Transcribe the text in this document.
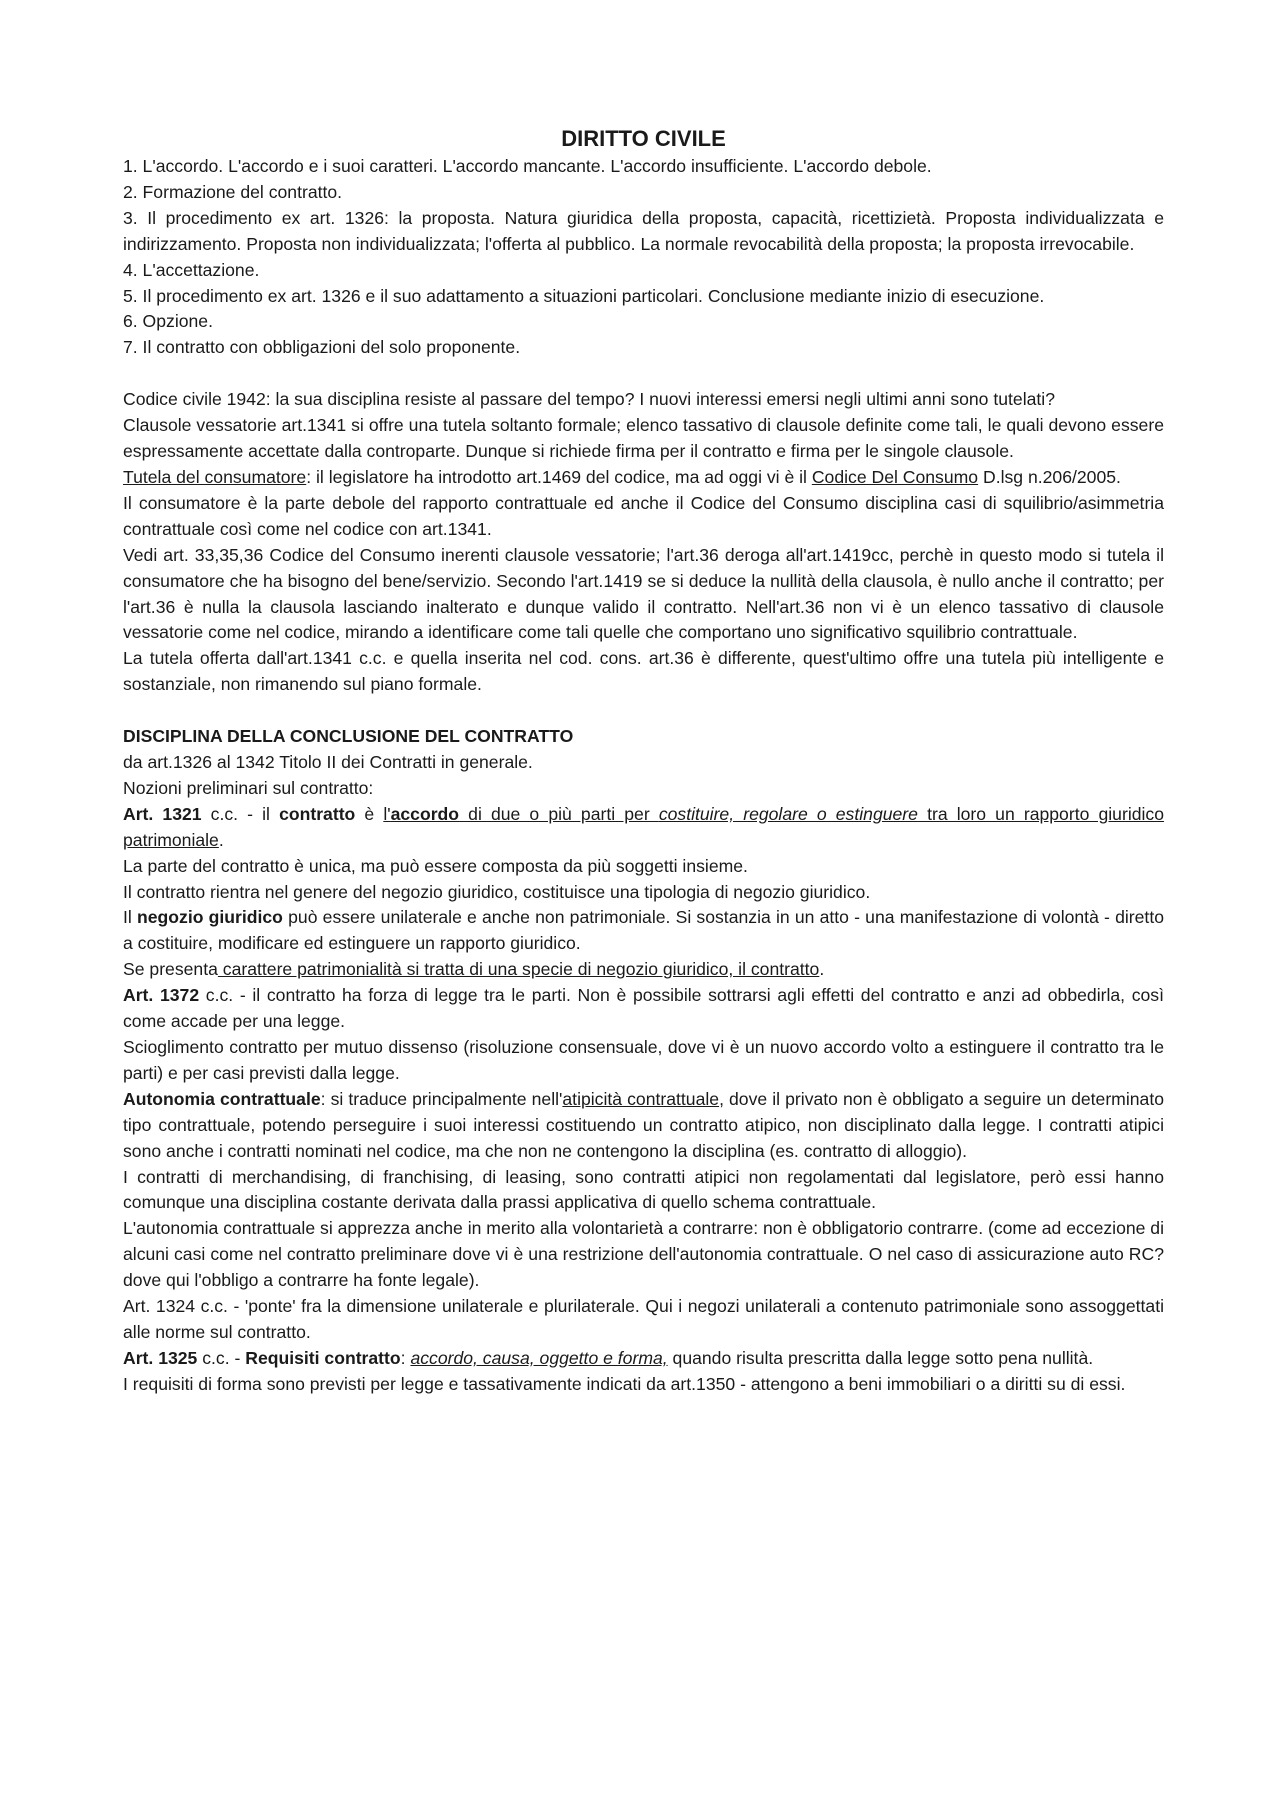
DIRITTO CIVILE

1. L'accordo. L'accordo e i suoi caratteri. L'accordo mancante. L'accordo insufficiente. L'accordo debole.

2. Formazione del contratto.

3. Il procedimento ex art. 1326: la proposta. Natura giuridica della proposta, capacità, ricettizietà. Proposta individualizzata e indirizzamento. Proposta non individualizzata; l'offerta al pubblico. La normale revocabilità della proposta; la proposta irrevocabile.

4. L'accettazione.

5. Il procedimento ex art. 1326 e il suo adattamento a situazioni particolari. Conclusione mediante inizio di esecuzione.

6. Opzione.

7. Il contratto con obbligazioni del solo proponente.

Codice civile 1942: la sua disciplina resiste al passare del tempo? I nuovi interessi emersi negli ultimi anni sono tutelati?

Clausole vessatorie art.1341 si offre una tutela soltanto formale; elenco tassativo di clausole definite come tali, le quali devono essere espressamente accettate dalla controparte. Dunque si richiede firma per il contratto e firma per le singole clausole.

Tutela del consumatore: il legislatore ha introdotto art.1469 del codice, ma ad oggi vi è il Codice Del Consumo D.lsg n.206/2005.

Il consumatore è la parte debole del rapporto contrattuale ed anche il Codice del Consumo disciplina casi di squilibrio/asimmetria contrattuale così come nel codice con art.1341.

Vedi art. 33,35,36 Codice del Consumo inerenti clausole vessatorie; l'art.36 deroga all'art.1419cc, perchè in questo modo si tutela il consumatore che ha bisogno del bene/servizio. Secondo l'art.1419 se si deduce la nullità della clausola, è nullo anche il contratto; per l'art.36 è nulla la clausola lasciando inalterato e dunque valido il contratto. Nell'art.36 non vi è un elenco tassativo di clausole vessatorie come nel codice, mirando a identificare come tali quelle che comportano uno significativo squilibrio contrattuale.

La tutela offerta dall'art.1341 c.c. e quella inserita nel cod. cons. art.36 è differente, quest'ultimo offre una tutela più intelligente e sostanziale, non rimanendo sul piano formale.

DISCIPLINA DELLA CONCLUSIONE DEL CONTRATTO

da art.1326 al 1342 Titolo II dei Contratti in generale.

Nozioni preliminari sul contratto:

Art. 1321 c.c. - il contratto è l'accordo di due o più parti per costituire, regolare o estinguere tra loro un rapporto giuridico patrimoniale.

La parte del contratto è unica, ma può essere composta da più soggetti insieme.

Il contratto rientra nel genere del negozio giuridico, costituisce una tipologia di negozio giuridico.

Il negozio giuridico può essere unilaterale e anche non patrimoniale. Si sostanzia in un atto - una manifestazione di volontà - diretto a costituire, modificare ed estinguere un rapporto giuridico.

Se presenta carattere patrimonialità si tratta di una specie di negozio giuridico, il contratto.

Art. 1372 c.c. - il contratto ha forza di legge tra le parti. Non è possibile sottrarsi agli effetti del contratto e anzi ad obbedirla, così come accade per una legge.

Scioglimento contratto per mutuo dissenso (risoluzione consensuale, dove vi è un nuovo accordo volto a estinguere il contratto tra le parti) e per casi previsti dalla legge.

Autonomia contrattuale: si traduce principalmente nell'atipicità contrattuale, dove il privato non è obbligato a seguire un determinato tipo contrattuale, potendo perseguire i suoi interessi costituendo un contratto atipico, non disciplinato dalla legge. I contratti atipici sono anche i contratti nominati nel codice, ma che non ne contengono la disciplina (es. contratto di alloggio).

I contratti di merchandising, di franchising, di leasing, sono contratti atipici non regolamentati dal legislatore, però essi hanno comunque una disciplina costante derivata dalla prassi applicativa di quello schema contrattuale.

L'autonomia contrattuale si apprezza anche in merito alla volontarietà a contrarre: non è obbligatorio contrarre. (come ad eccezione di alcuni casi come nel contratto preliminare dove vi è una restrizione dell'autonomia contrattuale. O nel caso di assicurazione auto RC? dove qui l'obbligo a contrarre ha fonte legale).

Art. 1324 c.c. - 'ponte' fra la dimensione unilaterale e plurilaterale. Qui i negozi unilaterali a contenuto patrimoniale sono assoggettati alle norme sul contratto.

Art. 1325 c.c. - Requisiti contratto: accordo, causa, oggetto e forma, quando risulta prescritta dalla legge sotto pena nullità.

I requisiti di forma sono previsti per legge e tassativamente indicati da art.1350 - attengono a beni immobiliari o a diritti su di essi.
